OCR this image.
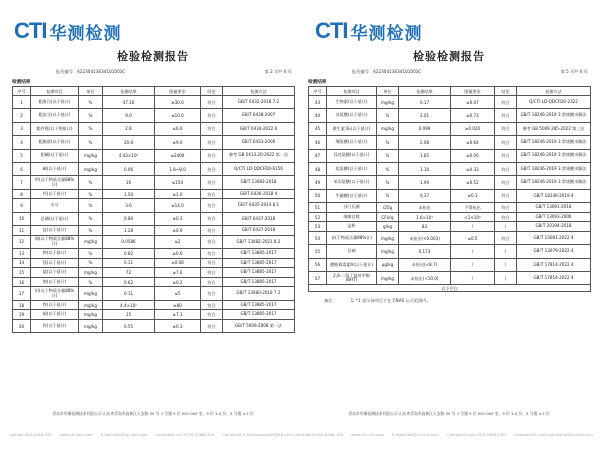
CTI 华测检测	CTI 华测检测
检验检测报告
报告编号：A2230413634101003C	第 2 页共 6 页
检测结果
序号	检测项目	单位	检测结果	限量要求	结论	检测方法
1	粗蛋白(以干基计)	%	47.16	≥30.0	符合	GB/T 6432-2018 7.2
2	粗灰分(以干基计)	%	9.0	≤10.0	符合	GB/T 6438-2007
3	粗纤维(以干物质计)	%	2.8	≤6.0	符合	GB/T 6434-2022 6
4	粗脂肪(以干基计)	%	20.6	≥9.0	符合	GB/T 6433-2006
5	胆碱(以干基计)	mg/kg	4.43×10³	≥2400	符合	参考 GB 5413.20-2022 第一法
6	碘(以干基计)	mg/kg	0.06	1.8~8.0	符合	Q/CTI LD-QDCFD0-6156
7	钙(以干物质含量88%计)	%	16	≤150	符合	GB/T 13083-2018
8	钙(以干基计)	%	1.50	≥1.0	符合	GB/T 6436-2018 4
9	水分	%	3.6	≤14.0	符合	GB/T 6435-2014 8.1
10	总磷(以干基计)	%	0.80	≥0.3	符合	GB/T 6437-2018
11	盐(以干基计)	%	1.28	≥0.9	符合	GB/T 6437-2018
12	铜(以干物质含量88%计)	mg/kg	0.0586	≤2	符合	GB/T 13082-2021 8.2
13	钾(以干基计)	%	0.82	≥0.6	符合	GB/T 13885-2017
14	镁(以干基计)	%	0.11	≥0.08	符合	GB/T 13885-2017
15	锰(以干基计)	mg/kg	72	≥7.6	符合	GB/T 13885-2017
16	钠(以干基计)	%	0.62	≥0.2	符合	GB/T 13885-2017
17	铅(以干物质含量88%计)	mg/kg	0.11	≤5	符合	GB/T 13080-2018 7.2
18	铁(以干基计)	mg/kg	4.4×10²	≥80	符合	GB/T 13885-2017
19	铜(以干基计)	mg/kg	15	≥7.3	符合	GB/T 13885-2017
20	锌(以干基计)	mg/kg	0.55	≥0.3	符合	GB/T 5009-2008 第一法
青岛市华测检测技术有限公司 山东省青岛市高新区天安路 30 号 1 号楼 5 层 001-002 室、5 层 1-4 层、3 号楼 4-5 层
检验检测报告
报告编号：A2230413634101003C	第 5 页共 6 页
检测结果
序号	检测项目	单位	检测结果	限量要求	结论	检测方法
43	生物素(以干基计)	mg/kg	0.17	≥0.07	符合	Q/CTI LD-QDCFD0-2322
44	苏氨酸(以干基计)	%	2.01	≥0.73	符合	GB/T 18246-2019 3 常规酸水解法
45	维生素 B₁(以干基计)	mg/kg	0.099	≥0.020	符合	参考 GB 5009.285-2022 第三法
46	缬氨酸(以干基计)	%	2.08	≥0.64	符合	GB/T 18246-2019 3 常规酸水解法
47	异亮氨酸(以干基计)	%	1.85	≥0.56	符合	GB/T 18246-2019 3 常规酸水解法
48	组氨酸(以干基计)	%	1.10	≥0.33	符合	GB/T 18246-2019 3 常规酸水解法
49	苯丙氨酸(以干基计)	%	1.90	≥0.52	符合	GB/T 18246-2019 3 常规酸水解法
50	牛磺酸(以干基计)	%	0.37	≥0.1	符合	GB/T 18246-2019 4
51	沙门氏菌	/25g	未检出	不得检出	符合	GB/T 13091-2018
52	细菌总数	CFU/g	1.6×10³	<1×10⁴	符合	GB/T 13093-2006
53	淀粉	g/kg	83	/	/	GB/T 20194-2018
54	汞(干物质含量88%计)	mg/kg	未检出(<0.003)	≤0.5	符合	GB/T 13081-2022 4
55	总砷	mg/kg	0.173	/	/	GB/T 13079-2022 4
56	赭曲霉毒素A(以干基计)	μg/kg	未检出(<8.7)	/	/	GB/T 17814-2022 4
57	2,6-二叔丁基对甲酚(BHT)	mg/kg	未检出(<10.0)	/	/	GB/T 17814-2022 4
以下空白						
备注：	1. *1 表示该项目不在 CNAS 认可范围内。
青岛市华测检测技术有限公司 山东省青岛市高新区天安路 30 号 1 号楼 5 层 001-002 室、5 层 1-4 层、3 号楼 4-5 层
Hotline 400-6788-333 www.cti-cert.com E-mail:info@cti-cert.com Complaint call 0755-33681700 Complaint E-mail:complaint@cti-cert.com Hotline 400-6788-333 www.cti-cert.com E-mail:info@cti-cert.com Complaint call 0755-33681700 Complaint E-mail:complaint@cti-cert.com
